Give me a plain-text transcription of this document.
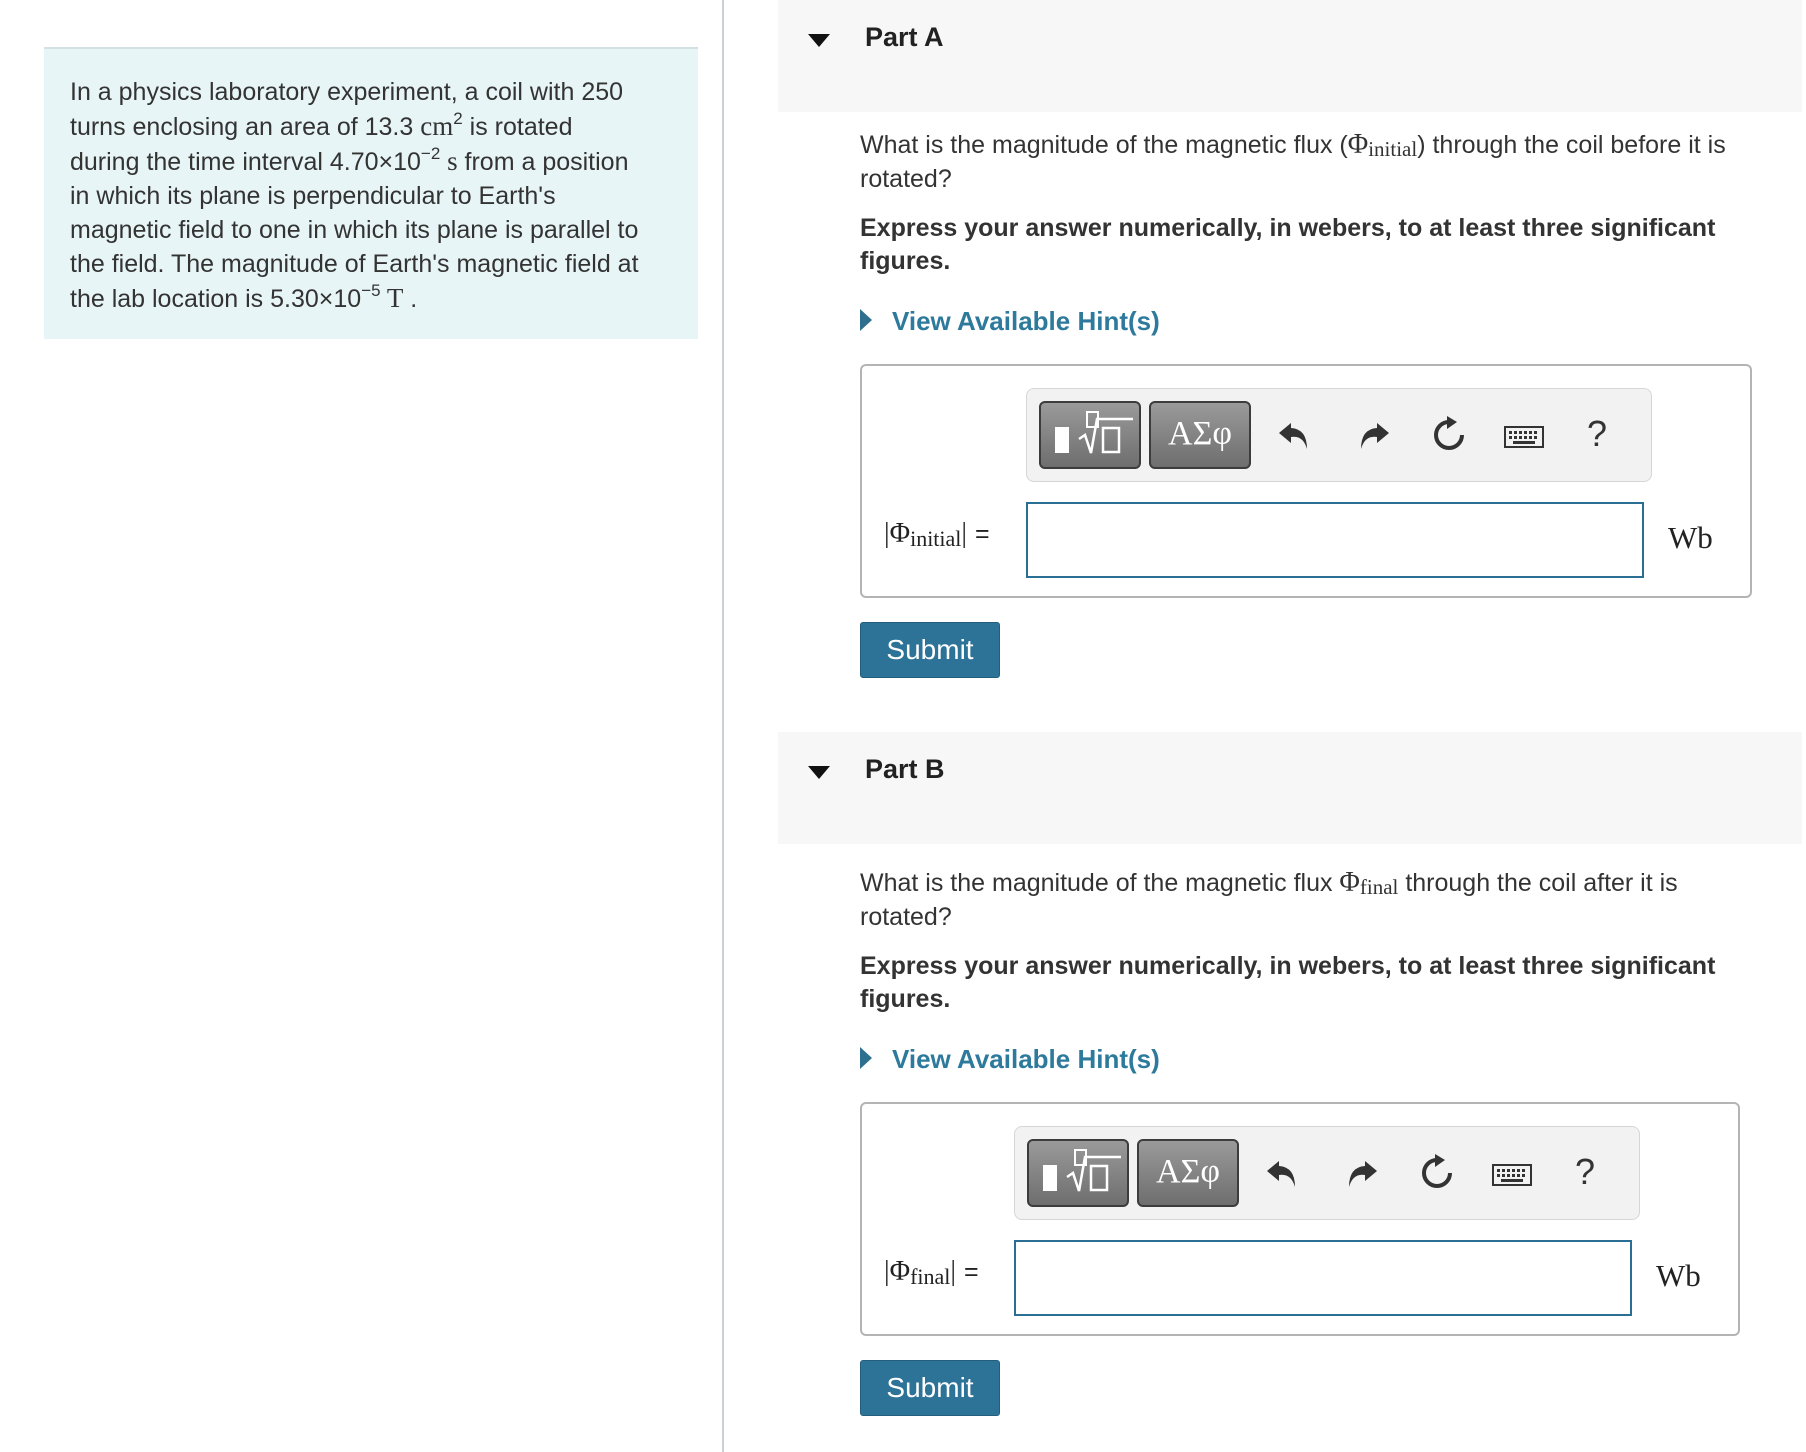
In a physics laboratory experiment, a coil with 250
turns enclosing an area of 13.3 $cm^2$ is rotated
during the time interval $4.70\times 10^{-2}$ s from a position
in which its plane is perpendicular to Earth's
magnetic field to one in which its plane is parallel to
the field. The magnitude of Earth's magnetic field at
the lab location is $5.30\times 10^{-5}$ T .
Part A
What is the magnitude of the magnetic flux $(\Phi_{initial})$ through the coil before it is
rotated?
Express your answer numerically, in webers, to at least three significant figures.
View Available Hint(s)
ΑΣφ	?
$|\Phi_{initial}|$ =	Wb
Submit
Part B
What is the magnitude of the magnetic flux $\Phi_{final}$ through the coil after it is
rotated?
Express your answer numerically, in webers, to at least three significant figures.
View Available Hint(s)
ΑΣφ	?
$|\Phi_{final}|$ =	Wb
Submit
